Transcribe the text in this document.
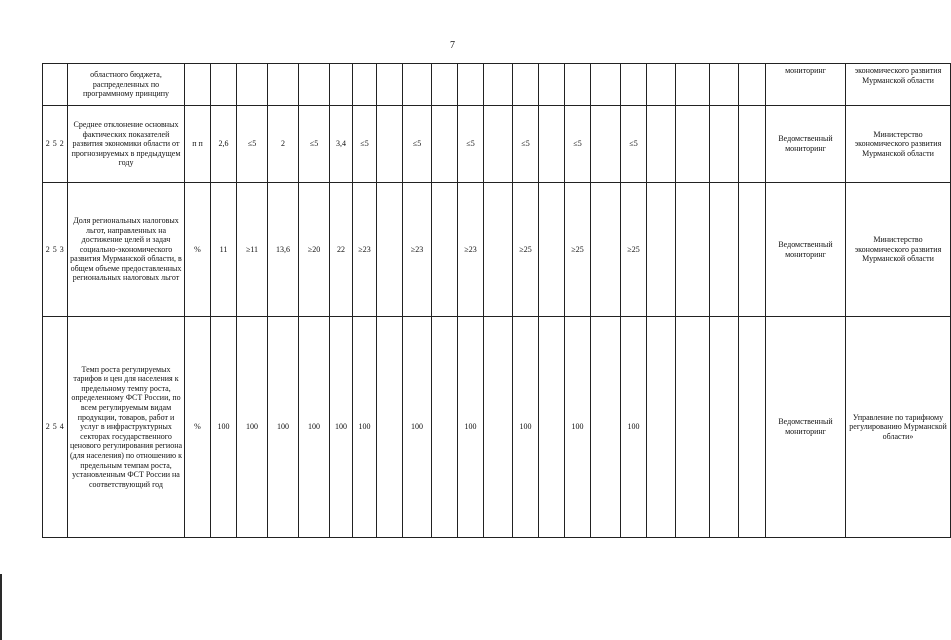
7
	областного бюджета, распределенных по программному принципу																						мониторинг	экономического развития Мурманской области
2 5 2	Среднее отклонение основных фактических показателей развития экономики области от прогнозируемых в предыдущем году	п п	2,6	≤5	2	≤5	3,4	≤5		≤5		≤5		≤5		≤5		≤5					Ведомственный мониторинг	Министерство экономического развития Мурманской области
2 5 3	Доля региональных налоговых льгот, направленных на достижение целей и задач социально-экономического развития Мурманской области, в общем объеме предоставленных региональных налоговых льгот	%	11	≥11	13,6	≥20	22	≥23		≥23		≥23		≥25		≥25		≥25					Ведомственный мониторинг	Министерство экономического развития Мурманской области
2 5 4	Темп роста регулируемых тарифов и цен для населения к предельному темпу роста, определенному ФСТ России, по всем регулируемым видам продукции, товаров, работ и услуг в инфраструктурных секторах государственного ценового регулирования региона (для населения) по отношению к предельным темпам роста, установленным ФСТ России на соответствующий год	%	100	100	100	100	100	100		100		100		100		100		100					Ведомственный мониторинг	Управление по тарифному регулированию Мурманской области»
